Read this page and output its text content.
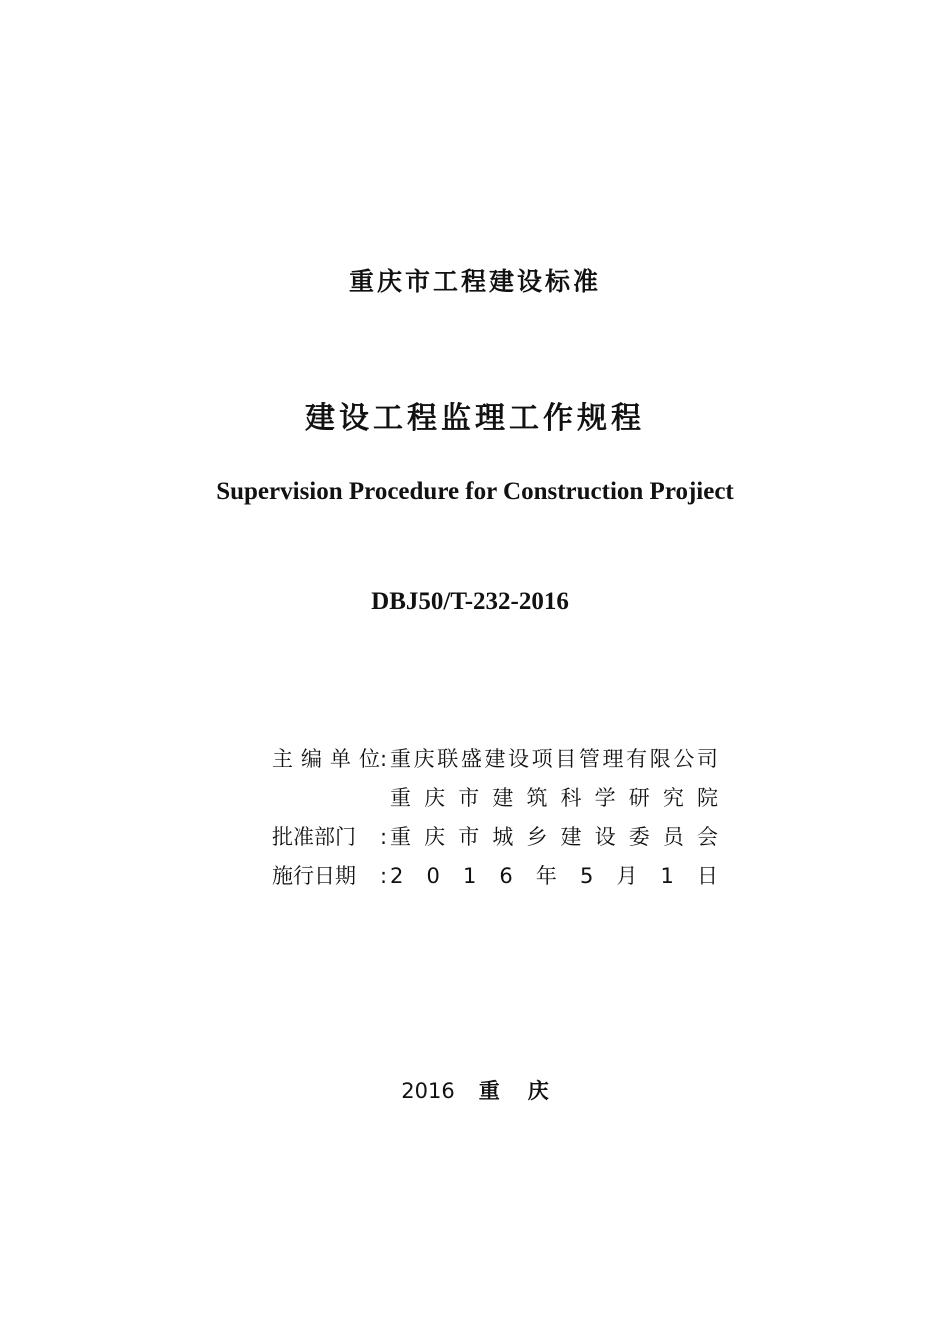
重庆市工程建设标准
建设工程监理工作规程
Supervision Procedure for Construction Projiect
DBJ50/T-232-2016
主 编 单 位 : 重 庆 联 盛 建 设 项 目 管 理 有 限 公 司
重 庆 市 建 筑 科 学 研 究 院
批准部门	: 重 庆 市 城 乡 建 设 委 员 会
施行日期	: 2 0 1 6 年 5 月 1 日
2016 重 庆
